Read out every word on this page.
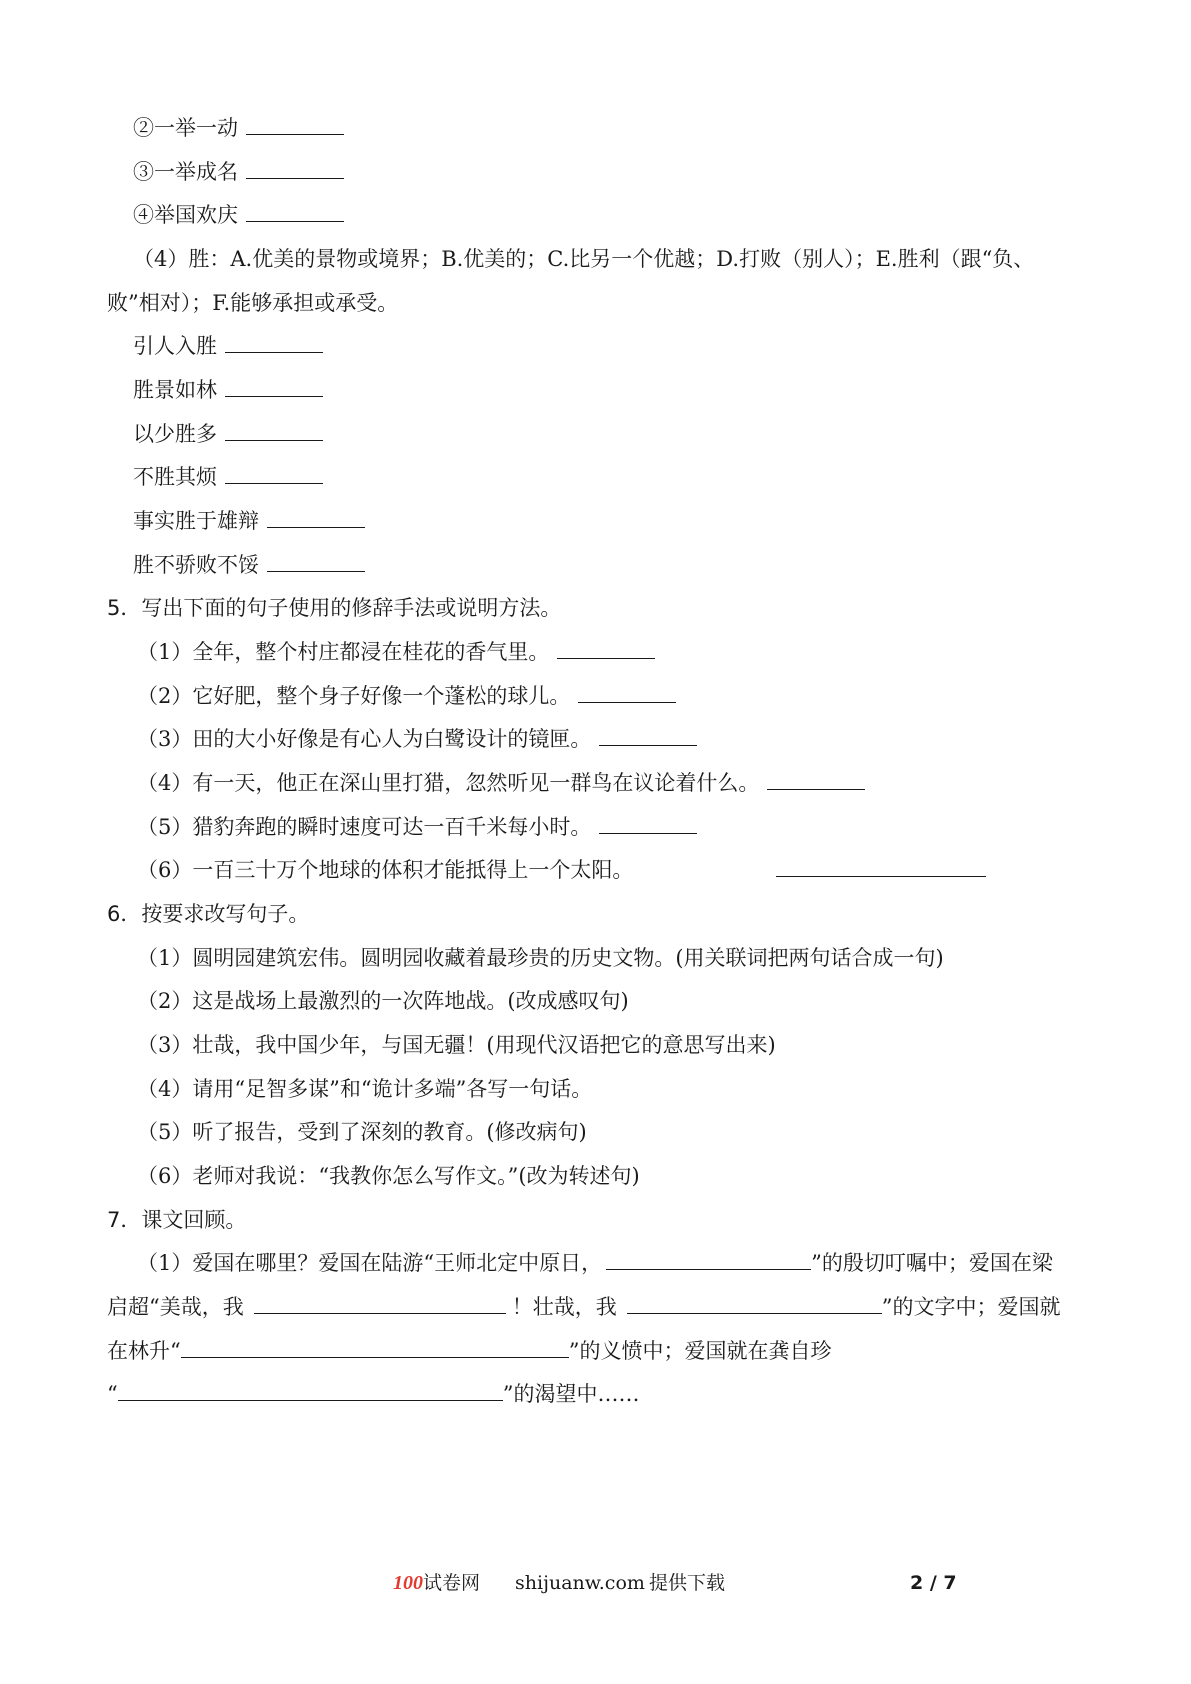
②一举一动
③一举成名
④举国欢庆
（4）胜：A.优美的景物或境界；B.优美的；C.比另一个优越；D.打败（别人）；E.胜利（跟“负、
败”相对）；F.能够承担或承受。
引人入胜
胜景如林
以少胜多
不胜其烦
事实胜于雄辩
胜不骄败不馁
5．写出下面的句子使用的修辞手法或说明方法。
（1）全年，整个村庄都浸在桂花的香气里。
（2）它好肥，整个身子好像一个蓬松的球儿。
（3）田的大小好像是有心人为白鹭设计的镜匣。
（4）有一天，他正在深山里打猎，忽然听见一群鸟在议论着什么。
（5）猎豹奔跑的瞬时速度可达一百千米每小时。
（6）一百三十万个地球的体积才能抵得上一个太阳。
6．按要求改写句子。
（1）圆明园建筑宏伟。圆明园收藏着最珍贵的历史文物。(用关联词把两句话合成一句)
（2）这是战场上最激烈的一次阵地战。(改成感叹句)
（3）壮哉，我中国少年，与国无疆！(用现代汉语把它的意思写出来)
（4）请用“足智多谋”和“诡计多端”各写一句话。
（5）听了报告，受到了深刻的教育。(修改病句)
（6）老师对我说：“我教你怎么写作文。”(改为转述句)
7．课文回顾。
（1）爱国在哪里？爱国在陆游“王师北定中原日，	”的殷切叮嘱中；爱国在梁
启超“美哉，我	！壮哉，我	”的文字中；爱国就
在林升“	”的义愤中；爱国就在龚自珍
“	”的渴望中……
100试卷网 shijuanw.com 提供下载	2 / 7
